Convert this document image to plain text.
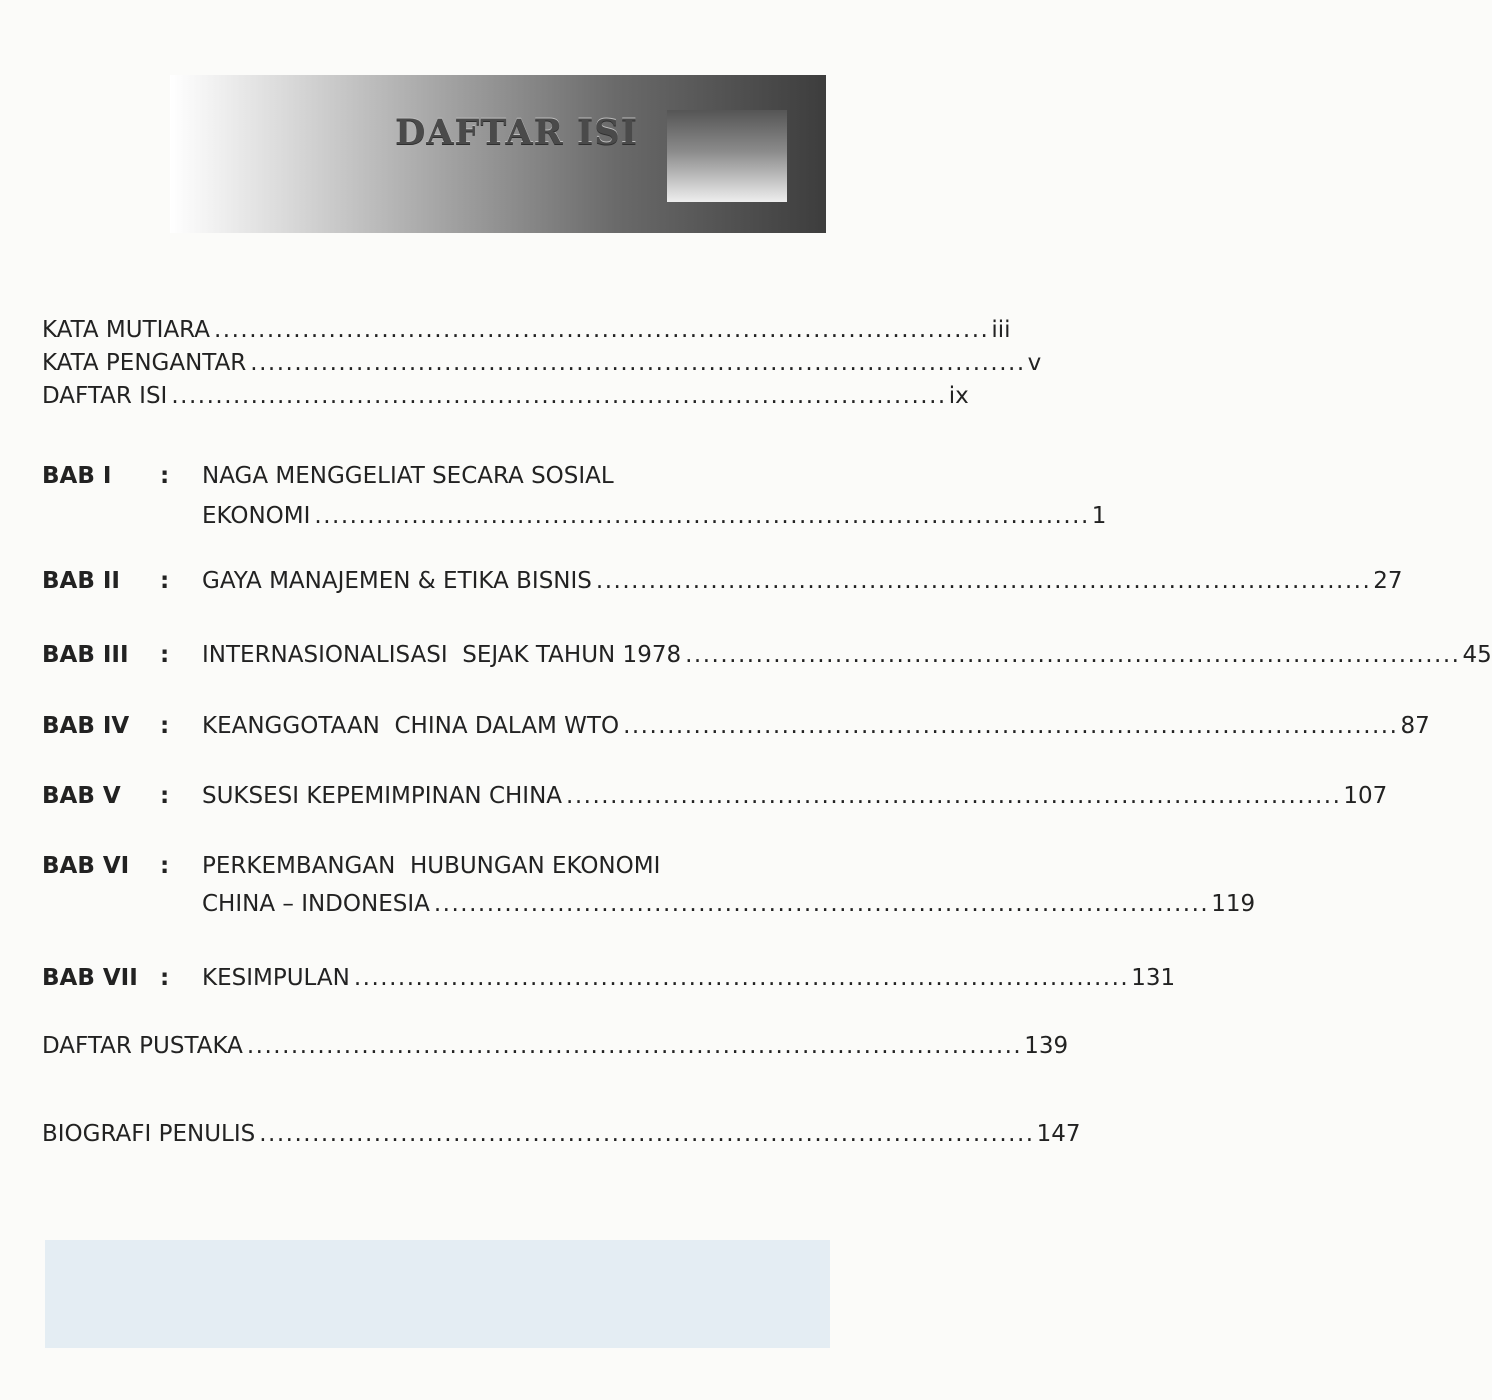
DAFTAR ISI
KATA MUTIARA ........................................................................................ iii
KATA PENGANTAR ........................................................................................ v
DAFTAR ISI ........................................................................................ ix
BAB I	:	NAGA MENGGELIAT SECARA SOSIAL
EKONOMI ........................................................................................ 1
BAB II	:	GAYA MANAJEMEN & ETIKA BISNIS ........................................................................................ 27
BAB III	:	INTERNASIONALISASI  SEJAK TAHUN 1978 ........................................................................................ 45
BAB IV	:	KEANGGOTAAN  CHINA DALAM WTO ........................................................................................ 87
BAB V	:	SUKSESI KEPEMIMPINAN CHINA ........................................................................................ 107
BAB VI	:	PERKEMBANGAN  HUBUNGAN EKONOMI
CHINA – INDONESIA ........................................................................................ 119
BAB VII :	KESIMPULAN ........................................................................................ 131
DAFTAR PUSTAKA ........................................................................................ 139
BIOGRAFI PENULIS ........................................................................................ 147
